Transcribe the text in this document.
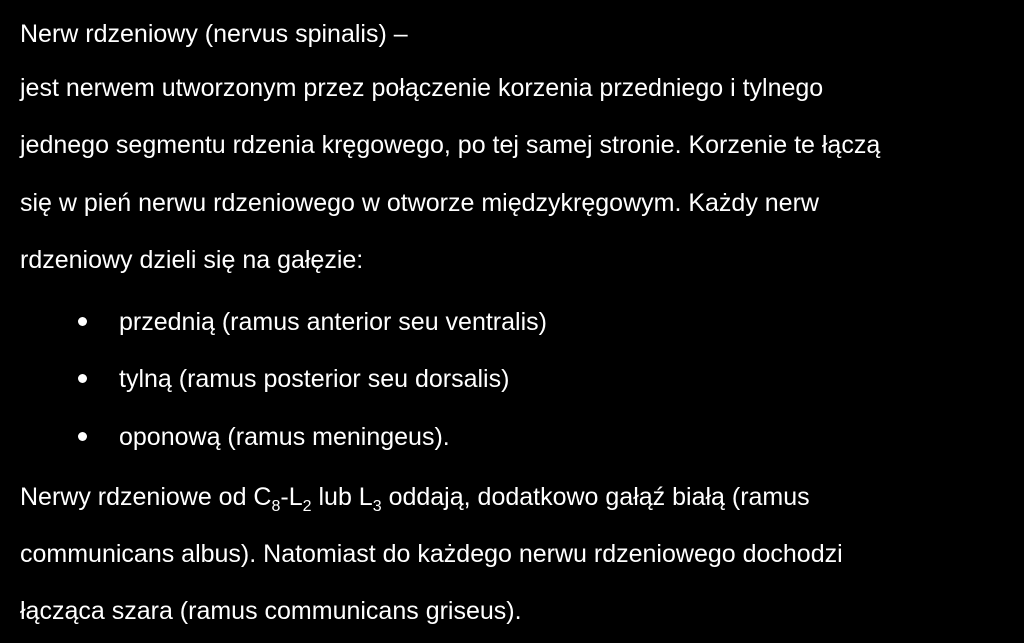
Nerw rdzeniowy (nervus spinalis) –
jest nerwem utworzonym przez połączenie korzenia przedniego i tylnego
jednego segmentu rdzenia kręgowego, po tej samej stronie. Korzenie te łączą
się w pień nerwu rdzeniowego w otworze międzykręgowym. Każdy nerw
rdzeniowy dzieli się na gałęzie:
przednią (ramus anterior seu ventralis)
tylną (ramus posterior seu dorsalis)
oponową (ramus meningeus).
Nerwy rdzeniowe od $C_8-L_2$ lub $L_3$ oddają, dodatkowo gałąź białą (ramus
communicans albus). Natomiast do każdego nerwu rdzeniowego dochodzi
łącząca szara (ramus communicans griseus).
